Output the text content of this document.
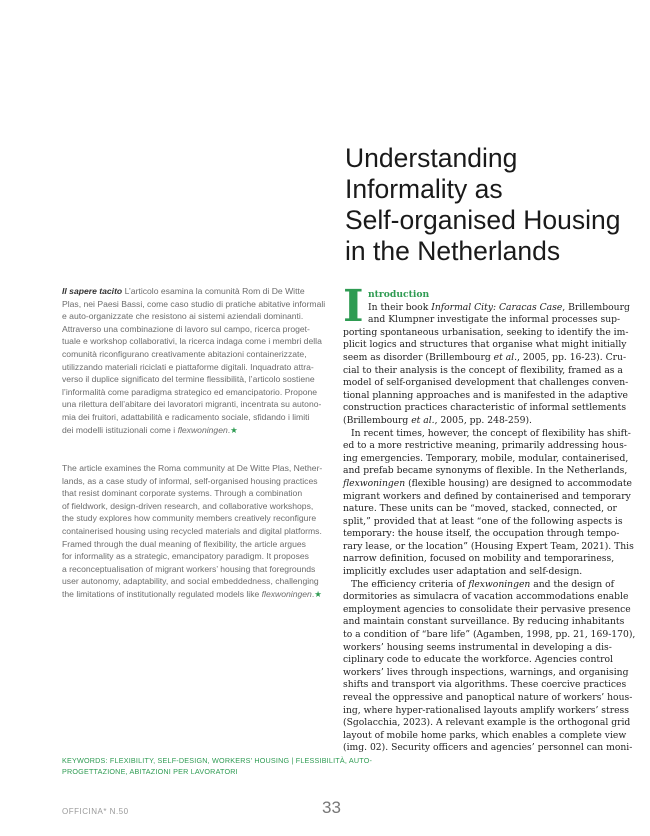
Understanding
Informality as
Self-organised Housing
in the Netherlands
Il sapere tacito L’articolo esamina la comunità Rom di De Witte
Plas, nei Paesi Bassi, come caso studio di pratiche abitative informali
e auto-organizzate che resistono ai sistemi aziendali dominanti.
Attraverso una combinazione di lavoro sul campo, ricerca proget-
tuale e workshop collaborativi, la ricerca indaga come i membri della
comunità riconfigurano creativamente abitazioni containerizzate,
utilizzando materiali riciclati e piattaforme digitali. Inquadrato attra-
verso il duplice significato del termine flessibilità, l’articolo sostiene
l’informalità come paradigma strategico ed emancipatorio. Propone
una rilettura dell’abitare dei lavoratori migranti, incentrata su autono-
mia dei fruitori, adattabilità e radicamento sociale, sfidando i limiti
dei modelli istituzionali come i flexwoningen.★
The article examines the Roma community at De Witte Plas, Nether-
lands, as a case study of informal, self-organised housing practices
that resist dominant corporate systems. Through a combination
of fieldwork, design-driven research, and collaborative workshops,
the study explores how community members creatively reconfigure
containerised housing using recycled materials and digital platforms.
Framed through the dual meaning of flexibility, the article argues
for informality as a strategic, emancipatory paradigm. It proposes
a reconceptualisation of migrant workers’ housing that foregrounds
user autonomy, adaptability, and social embeddedness, challenging
the limitations of institutionally regulated models like flexwoningen.★
KEYWORDS: FLEXIBILITY, SELF-DESIGN, WORKERS’ HOUSING | FLESSIBILITÀ, AUTO-
PROGETTAZIONE, ABITAZIONI PER LAVORATORI
I ntroduction
In their book Informal City: Caracas Case, Brillembourg
and Klumpner investigate the informal processes sup-
porting spontaneous urbanisation, seeking to identify the im-
plicit logics and structures that organise what might initially
seem as disorder (Brillembourg et al., 2005, pp. 16-23). Cru-
cial to their analysis is the concept of flexibility, framed as a
model of self-organised development that challenges conven-
tional planning approaches and is manifested in the adaptive
construction practices characteristic of informal settlements
(Brillembourg et al., 2005, pp. 248-259).
In recent times, however, the concept of flexibility has shift-
ed to a more restrictive meaning, primarily addressing hous-
ing emergencies. Temporary, mobile, modular, containerised,
and prefab became synonyms of flexible. In the Netherlands,
flexwoningen (flexible housing) are designed to accommodate
migrant workers and defined by containerised and temporary
nature. These units can be “moved, stacked, connected, or
split,” provided that at least “one of the following aspects is
temporary: the house itself, the occupation through tempo-
rary lease, or the location” (Housing Expert Team, 2021). This
narrow definition, focused on mobility and temporariness,
implicitly excludes user adaptation and self-design.
The efficiency criteria of flexwoningen and the design of
dormitories as simulacra of vacation accommodations enable
employment agencies to consolidate their pervasive presence
and maintain constant surveillance. By reducing inhabitants
to a condition of “bare life” (Agamben, 1998, pp. 21, 169-170),
workers’ housing seems instrumental in developing a dis-
ciplinary code to educate the workforce. Agencies control
workers’ lives through inspections, warnings, and organising
shifts and transport via algorithms. These coercive practices
reveal the oppressive and panoptical nature of workers’ hous-
ing, where hyper-rationalised layouts amplify workers’ stress
(Sgolacchia, 2023). A relevant example is the orthogonal grid
layout of mobile home parks, which enables a complete view
(img. 02). Security officers and agencies’ personnel can moni-
OFFICINA* N.50	33
